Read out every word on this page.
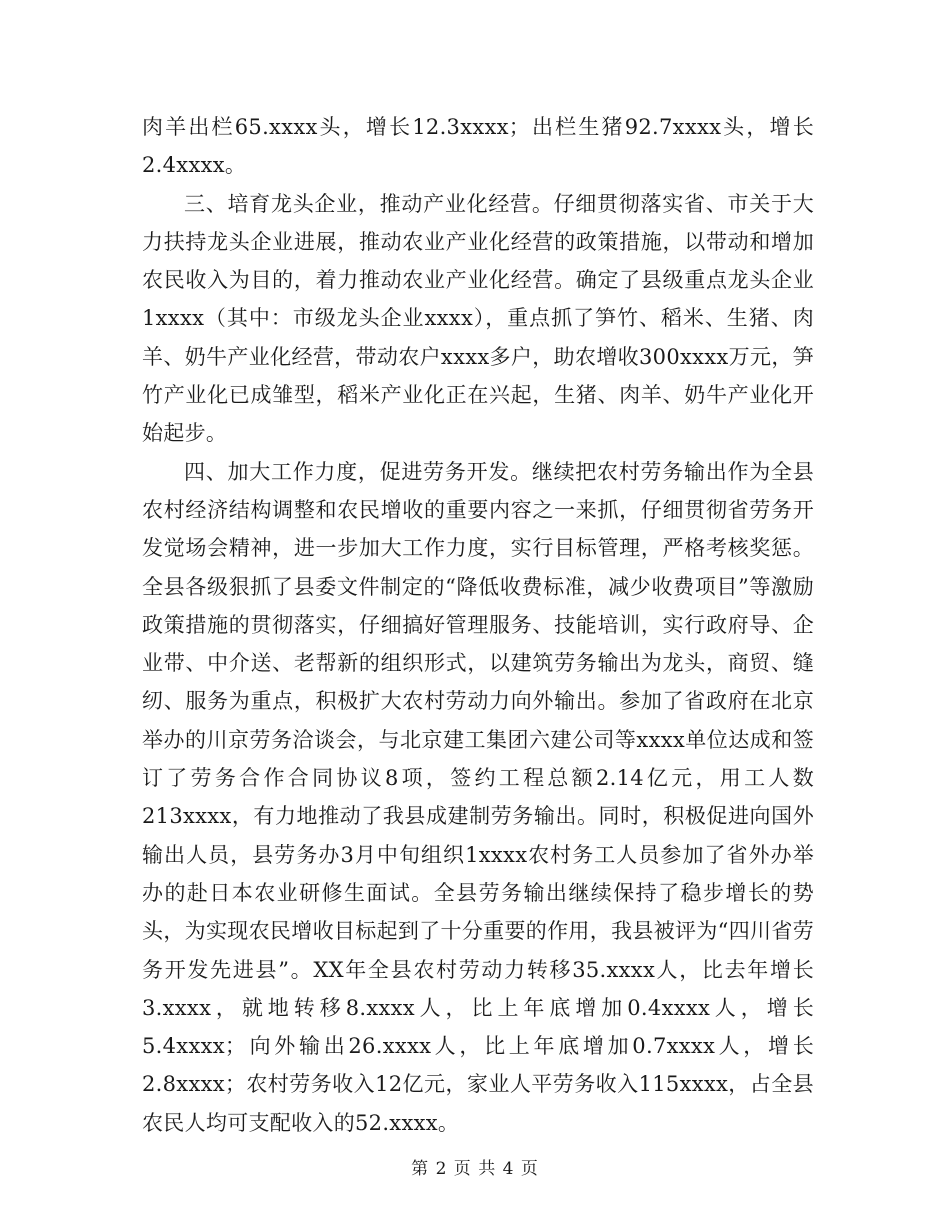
肉羊出栏65.xxxx头，增长12.3xxxx；出栏生猪92.7xxxx头，增长2.4xxxx。

三、培育龙头企业，推动产业化经营。仔细贯彻落实省、市关于大力扶持龙头企业进展，推动农业产业化经营的政策措施，以带动和增加农民收入为目的，着力推动农业产业化经营。确定了县级重点龙头企业1xxxx（其中：市级龙头企业xxxx），重点抓了笋竹、稻米、生猪、肉羊、奶牛产业化经营，带动农户xxxx多户，助农增收300xxxx万元，笋竹产业化已成雏型，稻米产业化正在兴起，生猪、肉羊、奶牛产业化开始起步。

四、加大工作力度，促进劳务开发。继续把农村劳务输出作为全县农村经济结构调整和农民增收的重要内容之一来抓，仔细贯彻省劳务开发觉场会精神，进一步加大工作力度，实行目标管理，严格考核奖惩。全县各级狠抓了县委文件制定的“降低收费标准，减少收费项目”等激励政策措施的贯彻落实，仔细搞好管理服务、技能培训，实行政府导、企业带、中介送、老帮新的组织形式，以建筑劳务输出为龙头，商贸、缝纫、服务为重点，积极扩大农村劳动力向外输出。参加了省政府在北京举办的川京劳务洽谈会，与北京建工集团六建公司等xxxx单位达成和签订了劳务合作合同协议8项，签约工程总额2.14亿元，用工人数213xxxx，有力地推动了我县成建制劳务输出。同时，积极促进向国外输出人员，县劳务办3月中旬组织1xxxx农村务工人员参加了省外办举办的赴日本农业研修生面试。全县劳务输出继续保持了稳步增长的势头，为实现农民增收目标起到了十分重要的作用，我县被评为“四川省劳务开发先进县”。XX年全县农村劳动力转移35.xxxx人，比去年增长3.xxxx，就地转移8.xxxx人，比上年底增加0.4xxxx人，增长5.4xxxx；向外输出26.xxxx人，比上年底增加0.7xxxx人，增长2.8xxxx；农村劳务收入12亿元，家业人平劳务收入115xxxx，占全县农民人均可支配收入的52.xxxx。

第 2 页 共 4 页
